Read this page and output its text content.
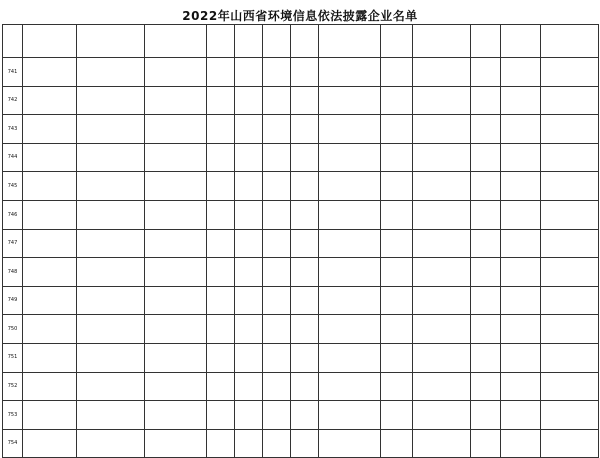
2022年山西省环境信息依法披露企业名单

741													
742													
743													
744													
745													
746													
747													
748													
749													
750													
751													
752													
753													
754													
